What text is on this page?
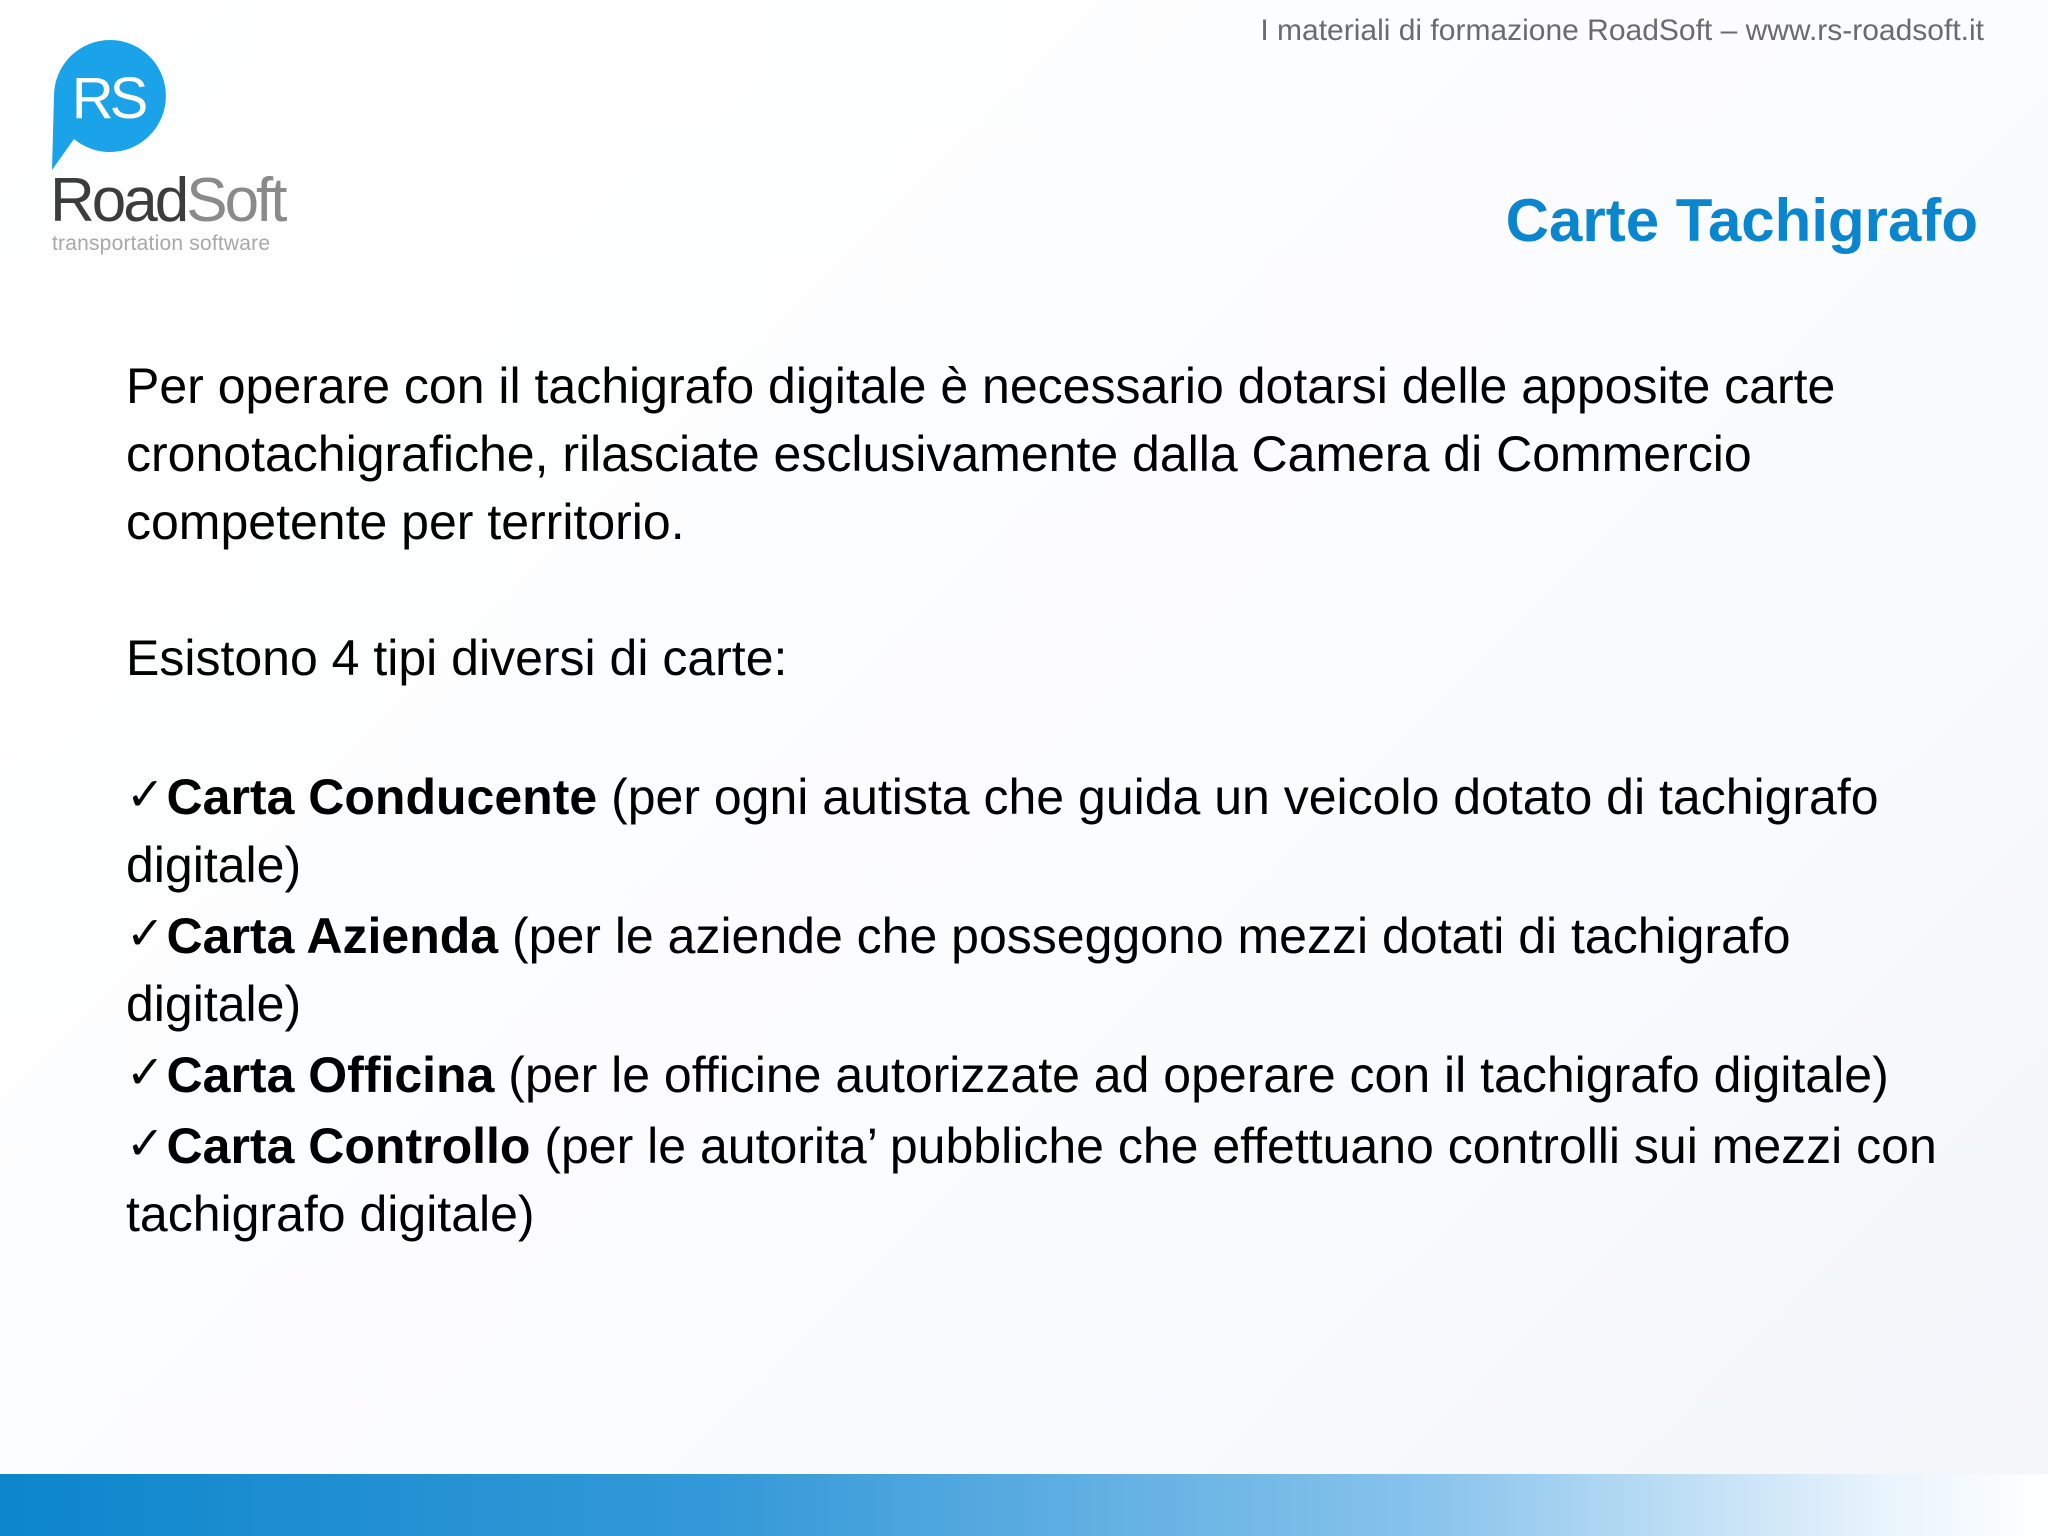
I materiali di formazione RoadSoft – www.rs-roadsoft.it
RS
RoadSoft
transportation software	Carte Tachigrafo

Per operare con il tachigrafo digitale è necessario dotarsi delle apposite carte cronotachigrafiche, rilasciate esclusivamente dalla Camera di Commercio competente per territorio.

Esistono 4 tipi diversi di carte:

✓Carta Conducente (per ogni autista che guida un veicolo dotato di tachigrafo digitale)

✓Carta Azienda (per le aziende che posseggono mezzi dotati di tachigrafo digitale)

✓Carta Officina (per le officine autorizzate ad operare con il tachigrafo digitale)

✓Carta Controllo (per le autorita’ pubbliche che effettuano controlli sui mezzi con tachigrafo digitale)
